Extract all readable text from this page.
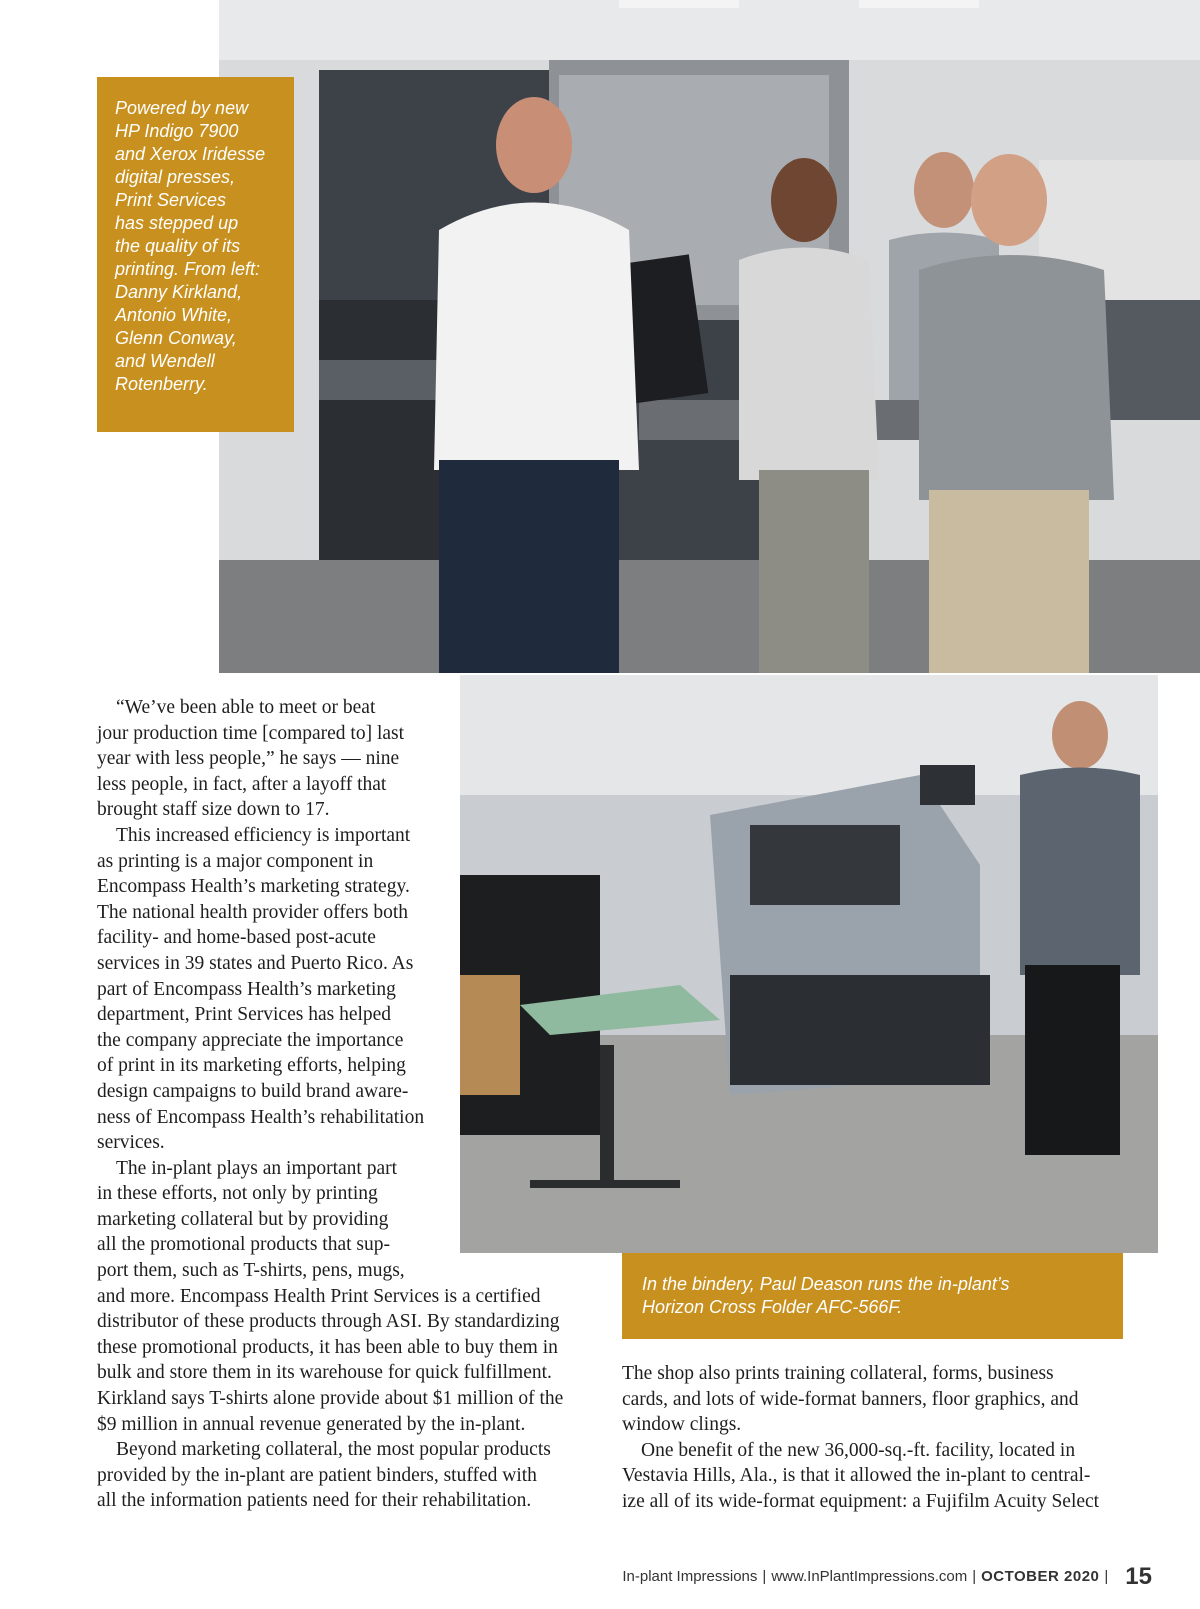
Powered by new
HP Indigo 7900
and Xerox Iridesse
digital presses,
Print Services
has stepped up
the quality of its
printing. From left:
Danny Kirkland,
Antonio White,
Glenn Conway,
and Wendell
Rotenberry.
In the bindery, Paul Deason runs the in-plant’s
Horizon Cross Folder AFC-566F.
“We’ve been able to meet or beat
jour production time [compared to] last
year with less people,” he says — nine
less people, in fact, after a layoff that
brought staff size down to 17.
This increased efficiency is important
as printing is a major component in
Encompass Health’s marketing strategy.
The national health provider offers both
facility- and home-based post-acute
services in 39 states and Puerto Rico. As
part of Encompass Health’s marketing
department, Print Services has helped
the company appreciate the importance
of print in its marketing efforts, helping
design campaigns to build brand aware-
ness of Encompass Health’s rehabilitation
services.
The in-plant plays an important part
in these efforts, not only by printing
marketing collateral but by providing
all the promotional products that sup-
port them, such as T-shirts, pens, mugs,
and more. Encompass Health Print Services is a certified
distributor of these products through ASI. By standardizing
these promotional products, it has been able to buy them in
bulk and store them in its warehouse for quick fulfillment.
Kirkland says T-shirts alone provide about $1 million of the
$9 million in annual revenue generated by the in-plant.
Beyond marketing collateral, the most popular products
provided by the in-plant are patient binders, stuffed with
all the information patients need for their rehabilitation.
The shop also prints training collateral, forms, business
cards, and lots of wide-format banners, floor graphics, and
window clings.
One benefit of the new 36,000-sq.-ft. facility, located in
Vestavia Hills, Ala., is that it allowed the in-plant to central-
ize all of its wide-format equipment: a Fujifilm Acuity Select
In-plant Impressions | www.InPlantImpressions.com | OCTOBER 2020 | 15
